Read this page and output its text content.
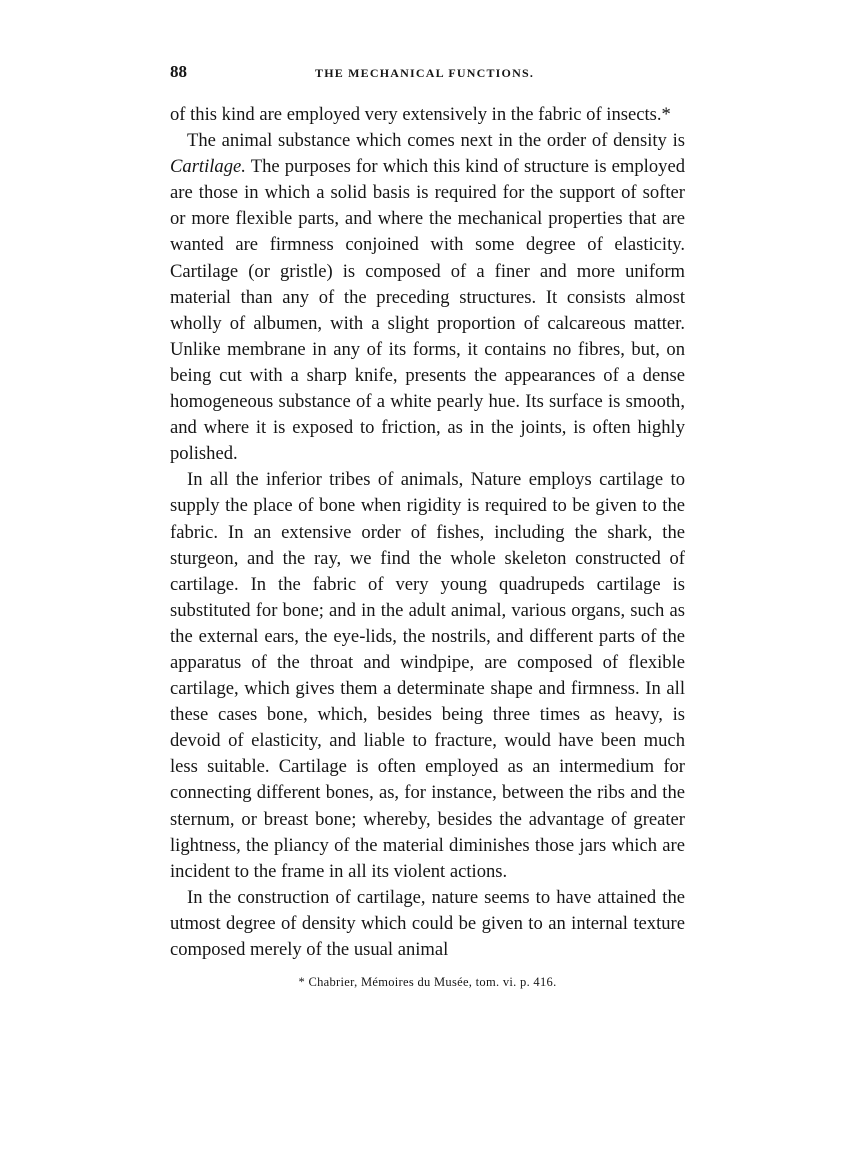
88	THE MECHANICAL FUNCTIONS.

of this kind are employed very extensively in the fabric of insects.*

The animal substance which comes next in the order of density is Cartilage. The purposes for which this kind of structure is employed are those in which a solid basis is required for the support of softer or more flexible parts, and where the mechanical properties that are wanted are firmness conjoined with some degree of elasticity. Cartilage (or gristle) is composed of a finer and more uniform material than any of the preceding structures. It consists almost wholly of albumen, with a slight proportion of calcareous matter. Unlike membrane in any of its forms, it contains no fibres, but, on being cut with a sharp knife, presents the appearances of a dense homogeneous substance of a white pearly hue. Its surface is smooth, and where it is exposed to friction, as in the joints, is often highly polished.

In all the inferior tribes of animals, Nature employs cartilage to supply the place of bone when rigidity is required to be given to the fabric. In an extensive order of fishes, including the shark, the sturgeon, and the ray, we find the whole skeleton constructed of cartilage. In the fabric of very young quadrupeds cartilage is substituted for bone; and in the adult animal, various organs, such as the external ears, the eye-lids, the nostrils, and different parts of the apparatus of the throat and windpipe, are composed of flexible cartilage, which gives them a determinate shape and firmness. In all these cases bone, which, besides being three times as heavy, is devoid of elasticity, and liable to fracture, would have been much less suitable. Cartilage is often employed as an intermedium for connecting different bones, as, for instance, between the ribs and the sternum, or breast bone; whereby, besides the advantage of greater lightness, the pliancy of the material diminishes those jars which are incident to the frame in all its violent actions.

In the construction of cartilage, nature seems to have attained the utmost degree of density which could be given to an internal texture composed merely of the usual animal

* Chabrier, Mémoires du Musée, tom. vi. p. 416.
